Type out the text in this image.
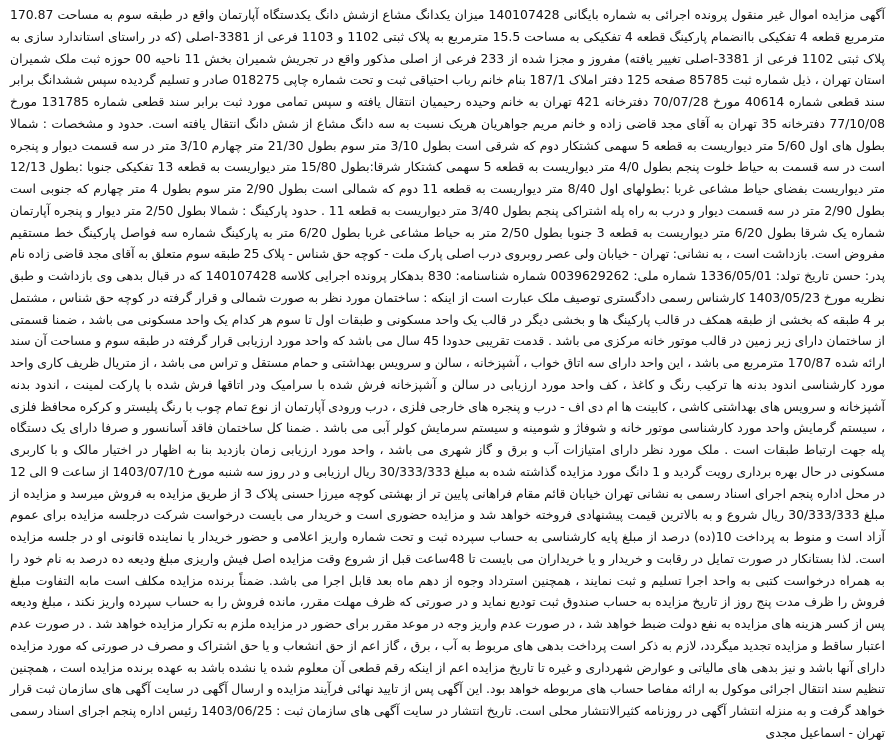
آگهی مزایده اموال غیر منقول پرونده اجرائی به شماره بایگانی 140107428 میزان یکدانگ مشاع ازشش دانگ یکدستگاه آپارتمان واقع در طبقه سوم به مساحت 170.87 مترمربع قطعه 4 تفکیکی باانضمام پارکینگ قطعه 4 تفکیکی به مساحت 15.5 مترمربع به پلاک ثبتی 1102 و 1103 فرعی از 3381-اصلی (که در راستای استاندارد سازی به پلاک ثبتی 1102 فرعی از 3381-اصلی تغییر یافته) مفروز و مجزا شده از 233 فرعی از اصلی مذکور واقع در تجریش شمیران بخش 11 ناحیه 00 حوزه ثبت ملک شمیران استان تهران ، ذیل شماره ثبت 85785 صفحه 125 دفتر املاک 187/1 بنام خانم رباب احتیاقی ثبت و تحت شماره چاپی 018275 صادر و تسلیم گردیده سپس ششدانگ برابر سند قطعی شماره 40614 مورخ 70/07/28 دفترخانه 421 تهران به خانم وحیده رحیمیان انتقال یافته و سپس تمامی مورد ثبت برابر سند قطعی شماره 131785 مورخ 77/10/08 دفترخانه 35 تهران به آقای مجد قاضی زاده و خانم مریم جواهریان هریک نسبت به سه دانگ مشاع از شش دانگ انتقال یافته است. حدود و مشخصات : شمالا بطول های اول 5/60 متر دیواریست به قطعه 5 سهمی کشتکار دوم که شرقی است بطول 3/10 متر سوم بطول 21/30 متر چهارم 3/10 متر در سه قسمت دیوار و پنجره است در سه قسمت به حیاط خلوت پنجم بطول 4/0 متر دیواریست به قطعه 5 سهمی کشتکار شرقا:بطول 15/80 متر دیواریست به قطعه 13 تفکیکی جنوبا :بطول 12/13 متر دیواریست بفضای حیاط مشاعی غربا :بطولهای اول 8/40 متر دیواریست به قطعه 11 دوم که شمالی است بطول 2/90 متر سوم بطول 4 متر چهارم که جنوبی است بطول 2/90 متر در سه قسمت دیوار و درب به راه پله اشتراکی پنجم بطول 3/40 متر دیواریست به قطعه 11 . حدود پارکینگ : شمالا بطول 2/50 متر دیوار و پنجره آپارتمان شماره یک شرقا بطول 6/20 متر دیواریست به قطعه 3 جنوبا بطول 2/50 متر به حیاط مشاعی غربا بطول 6/20 متر به پارکینگ شماره سه فواصل پارکینگ خط مستقیم مفروض است. بازداشت است ، به نشانی: تهران - خیابان ولی عصر روبروی درب اصلی پارک ملت - کوچه حق شناس - پلاک 25 طبقه سوم متعلق به آقای مجد قاضی زاده نام پدر: حسن تاریخ تولد: 1336/05/01 شماره ملی: 0039629262 شماره شناسنامه: 830 بدهکار پرونده اجرایی کلاسه 140107428 که در قبال بدهی وی بازداشت و طبق نظریه مورخ 1403/05/23 کارشناس رسمی دادگستری توصیف ملک عبارت است از اینکه : ساختمان مورد نظر به صورت شمالی و قرار گرفته در کوچه حق شناس ، مشتمل بر 4 طبقه که بخشی از طبقه همکف در قالب پارکینگ ها و بخشی دیگر در قالب یک واحد مسکونی و طبقات اول تا سوم هر کدام یک واحد مسکونی می باشد ، ضمنا قسمتی از ساختمان دارای زیر زمین در قالب موتور خانه مرکزی می باشد . قدمت تقریبی حدودا 45 سال می باشد که واحد مورد ارزیابی قرار گرفته در طبقه سوم و مساحت آن سند ارائه شده 170/87 مترمربع می باشد ، این واحد دارای سه اتاق خواب ، آشپزخانه ، سالن و سرویس بهداشتی و حمام مستقل و تراس می باشد ، از متریال ظریف کاری واحد مورد کارشناسی اندود بدنه ها ترکیب رنگ و کاغذ ، کف واحد مورد ارزیابی در سالن و آشپزخانه فرش شده با سرامیک ودر اتاقها فرش شده با پارکت لمینت ، اندود بدنه آشپزخانه و سرویس های بهداشتی کاشی ، کابینت ها ام دی اف - درب و پنجره های خارجی فلزی ، درب ورودی آپارتمان از نوع تمام چوب با رنگ پلیستر و کرکره محافظ فلزی ، سیستم گرمایش واحد مورد کارشناسی موتور خانه و شوفاژ و شومینه و سیستم سرمایش کولر آبی می باشد . ضمنا کل ساختمان فاقد آسانسور و صرفا دارای یک دستگاه پله جهت ارتباط طبقات است . ملک مورد نظر دارای امتیازات آب و برق و گاز شهری می باشد ، واحد مورد ارزیابی زمان بازدید بنا به اظهار در اختیار مالک و با کاربری مسکونی در حال بهره برداری رویت گردید و 1 دانگ مورد مزایده گذاشته شده به مبلغ 30/333/333 ریال ارزیابی و در روز سه شنبه مورخ 1403/07/10 از ساعت 9 الی 12 در محل اداره پنجم اجرای اسناد رسمی به نشانی تهران خیابان قائم مقام فراهانی پایین تر از بهشتی کوچه میرزا حسنی پلاک 3 از طریق مزایده به فروش میرسد و مزایده از مبلغ 30/333/333 ریال شروع و به بالاترین قیمت پیشنهادی فروخته خواهد شد و مزایده حضوری است و خریدار می بایست درخواست شرکت درجلسه مزایده برای عموم آزاد است و منوط به پرداخت 10(ده) درصد از مبلغ پایه کارشناسی به حساب سپرده ثبت و تحت شماره واریز اعلامی و حضور خریدار یا نماینده قانونی او در جلسه مزایده است. لذا بستانکار در صورت تمایل در رقابت و خریدار و یا خریداران می بایست تا 48ساعت قبل از شروع وقت مزایده اصل فیش واریزی مبلغ ودیعه ده درصد به نام خود را به همراه درخواست کتبی به واحد اجرا تسلیم و ثبت نمایند ، همچنین استرداد وجوه از دهم ماه بعد قابل اجرا می باشد. ضمناً برنده مزایده مکلف است مابه التفاوت مبلغ فروش را ظرف مدت پنج روز از تاریخ مزایده به حساب صندوق ثبت تودیع نماید و در صورتی که ظرف مهلت مقرر، مانده فروش را به حساب سپرده واریز نکند ، مبلغ ودیعه پس از کسر هزینه های مزایده به نفع دولت ضبط خواهد شد ، در صورت عدم واریز وجه در موعد مقرر برای حضور در مزایده ملزم به تکرار مزایده خواهد شد . در صورت عدم اعتبار ساقط و مزایده تجدید میگردد، لازم به ذکر است پرداخت بدهی های مربوط به آب ، برق ، گاز اعم از حق انشعاب و یا حق اشتراک و مصرف در صورتی که مورد مزایده دارای آنها باشد و نیز بدهی های مالیاتی و عوارض شهرداری و غیره تا تاریخ مزایده اعم از اینکه رقم قطعی آن معلوم شده یا نشده باشد به عهده برنده مزایده است ، همچنین تنظیم سند انتقال اجرائی موکول به ارائه مفاصا حساب های مربوطه خواهد بود. این آگهی پس از تایید نهائی فرآیند مزایده و ارسال آگهی در سایت آگهی های سازمان ثبت قرار خواهد گرفت و به منزله انتشار آگهی در روزنامه کثیرالانتشار محلی است. تاریخ انتشار در سایت آگهی های سازمان ثبت : 1403/06/25 رئیس اداره پنجم اجرای اسناد رسمی تهران - اسماعیل مجدی
